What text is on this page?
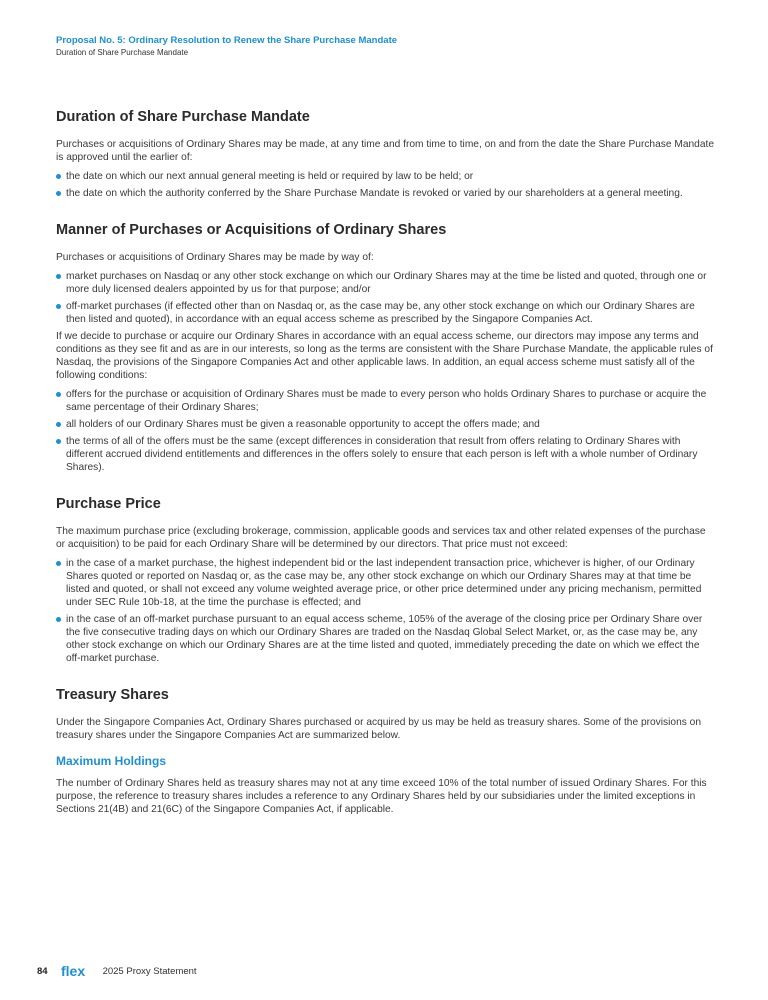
Proposal No. 5: Ordinary Resolution to Renew the Share Purchase Mandate

Duration of Share Purchase Mandate

Duration of Share Purchase Mandate

Purchases or acquisitions of Ordinary Shares may be made, at any time and from time to time, on and from the date the Share Purchase Mandate is approved until the earlier of:

the date on which our next annual general meeting is held or required by law to be held; or
the date on which the authority conferred by the Share Purchase Mandate is revoked or varied by our shareholders at a general meeting.
Manner of Purchases or Acquisitions of Ordinary Shares

Purchases or acquisitions of Ordinary Shares may be made by way of:

market purchases on Nasdaq or any other stock exchange on which our Ordinary Shares may at the time be listed and quoted, through one or more duly licensed dealers appointed by us for that purpose; and/or
off-market purchases (if effected other than on Nasdaq or, as the case may be, any other stock exchange on which our Ordinary Shares are then listed and quoted), in accordance with an equal access scheme as prescribed by the Singapore Companies Act.

If we decide to purchase or acquire our Ordinary Shares in accordance with an equal access scheme, our directors may impose any terms and conditions as they see fit and as are in our interests, so long as the terms are consistent with the Share Purchase Mandate, the applicable rules of Nasdaq, the provisions of the Singapore Companies Act and other applicable laws. In addition, an equal access scheme must satisfy all of the following conditions:

offers for the purchase or acquisition of Ordinary Shares must be made to every person who holds Ordinary Shares to purchase or acquire the same percentage of their Ordinary Shares;
all holders of our Ordinary Shares must be given a reasonable opportunity to accept the offers made; and
the terms of all of the offers must be the same (except differences in consideration that result from offers relating to Ordinary Shares with different accrued dividend entitlements and differences in the offers solely to ensure that each person is left with a whole number of Ordinary Shares).
Purchase Price

The maximum purchase price (excluding brokerage, commission, applicable goods and services tax and other related expenses of the purchase or acquisition) to be paid for each Ordinary Share will be determined by our directors. That price must not exceed:

in the case of a market purchase, the highest independent bid or the last independent transaction price, whichever is higher, of our Ordinary Shares quoted or reported on Nasdaq or, as the case may be, any other stock exchange on which our Ordinary Shares may at that time be listed and quoted, or shall not exceed any volume weighted average price, or other price determined under any pricing mechanism, permitted under SEC Rule 10b-18, at the time the purchase is effected; and
in the case of an off-market purchase pursuant to an equal access scheme, 105% of the average of the closing price per Ordinary Share over the five consecutive trading days on which our Ordinary Shares are traded on the Nasdaq Global Select Market, or, as the case may be, any other stock exchange on which our Ordinary Shares are at the time listed and quoted, immediately preceding the date on which we effect the off-market purchase.
Treasury Shares

Under the Singapore Companies Act, Ordinary Shares purchased or acquired by us may be held as treasury shares. Some of the provisions on treasury shares under the Singapore Companies Act are summarized below.

Maximum Holdings

The number of Ordinary Shares held as treasury shares may not at any time exceed 10% of the total number of issued Ordinary Shares. For this purpose, the reference to treasury shares includes a reference to any Ordinary Shares held by our subsidiaries under the limited exceptions in Sections 21(4B) and 21(6C) of the Singapore Companies Act, if applicable.

84 flex 2025 Proxy Statement
